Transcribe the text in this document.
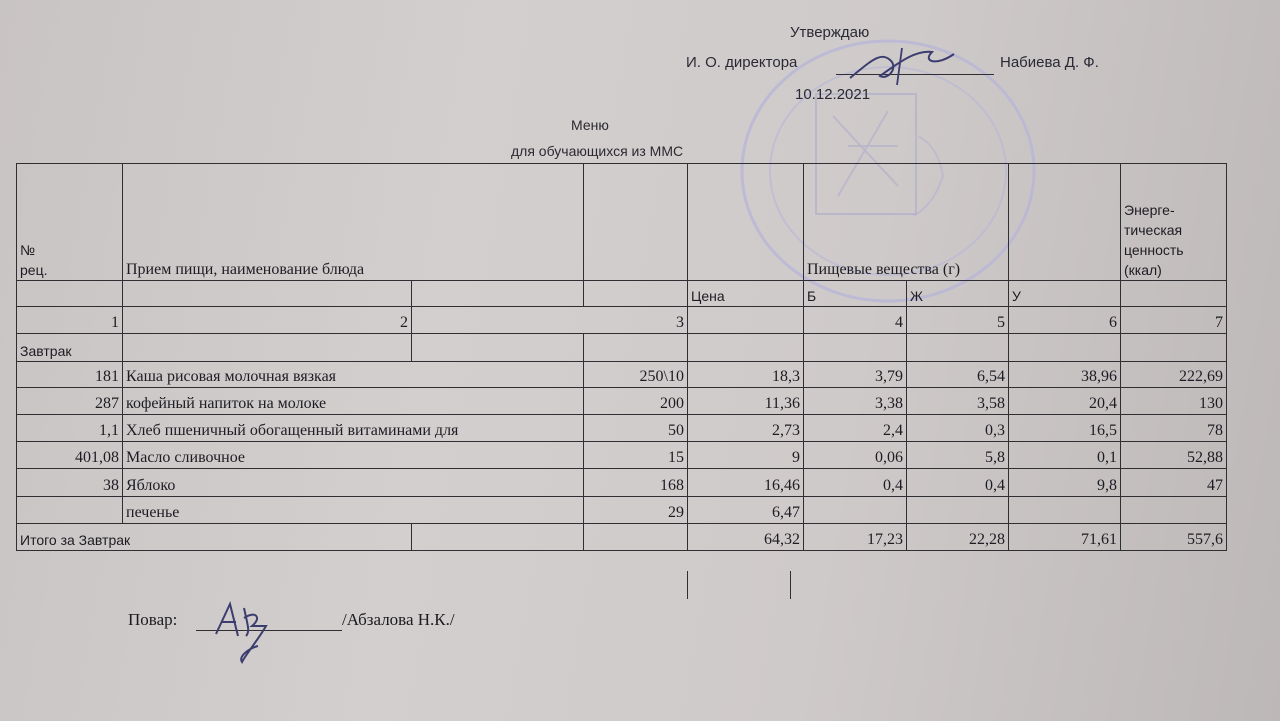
Утверждаю
И. О. директора	Набиева Д. Ф.
10.12.2021
Меню
для обучающихся из ММС
№
рец.	Прием пищи, наименование блюда				Пищевые вещества (г)			Энерге-
тическая
ценность
(ккал)
				Цена	Б	Ж	У	
1	2	3			4	5	6	7
Завтрак								
181	Каша рисовая молочная вязкая		250\10	18,3	3,79	6,54	38,96	222,69
287	кофейный напиток на молоке		200	11,36	3,38	3,58	20,4	130
1,1	Хлеб пшеничный обогащенный витаминами для		50	2,73	2,4	0,3	16,5	78
401,08	Масло сливочное		15	9	0,06	5,8	0,1	52,88
38	Яблоко		168	16,46	0,4	0,4	9,8	47
	печенье		29	6,47				
Итого за Завтрак				64,32	17,23	22,28	71,61	557,6
Повар:	/Абзалова Н.К./
